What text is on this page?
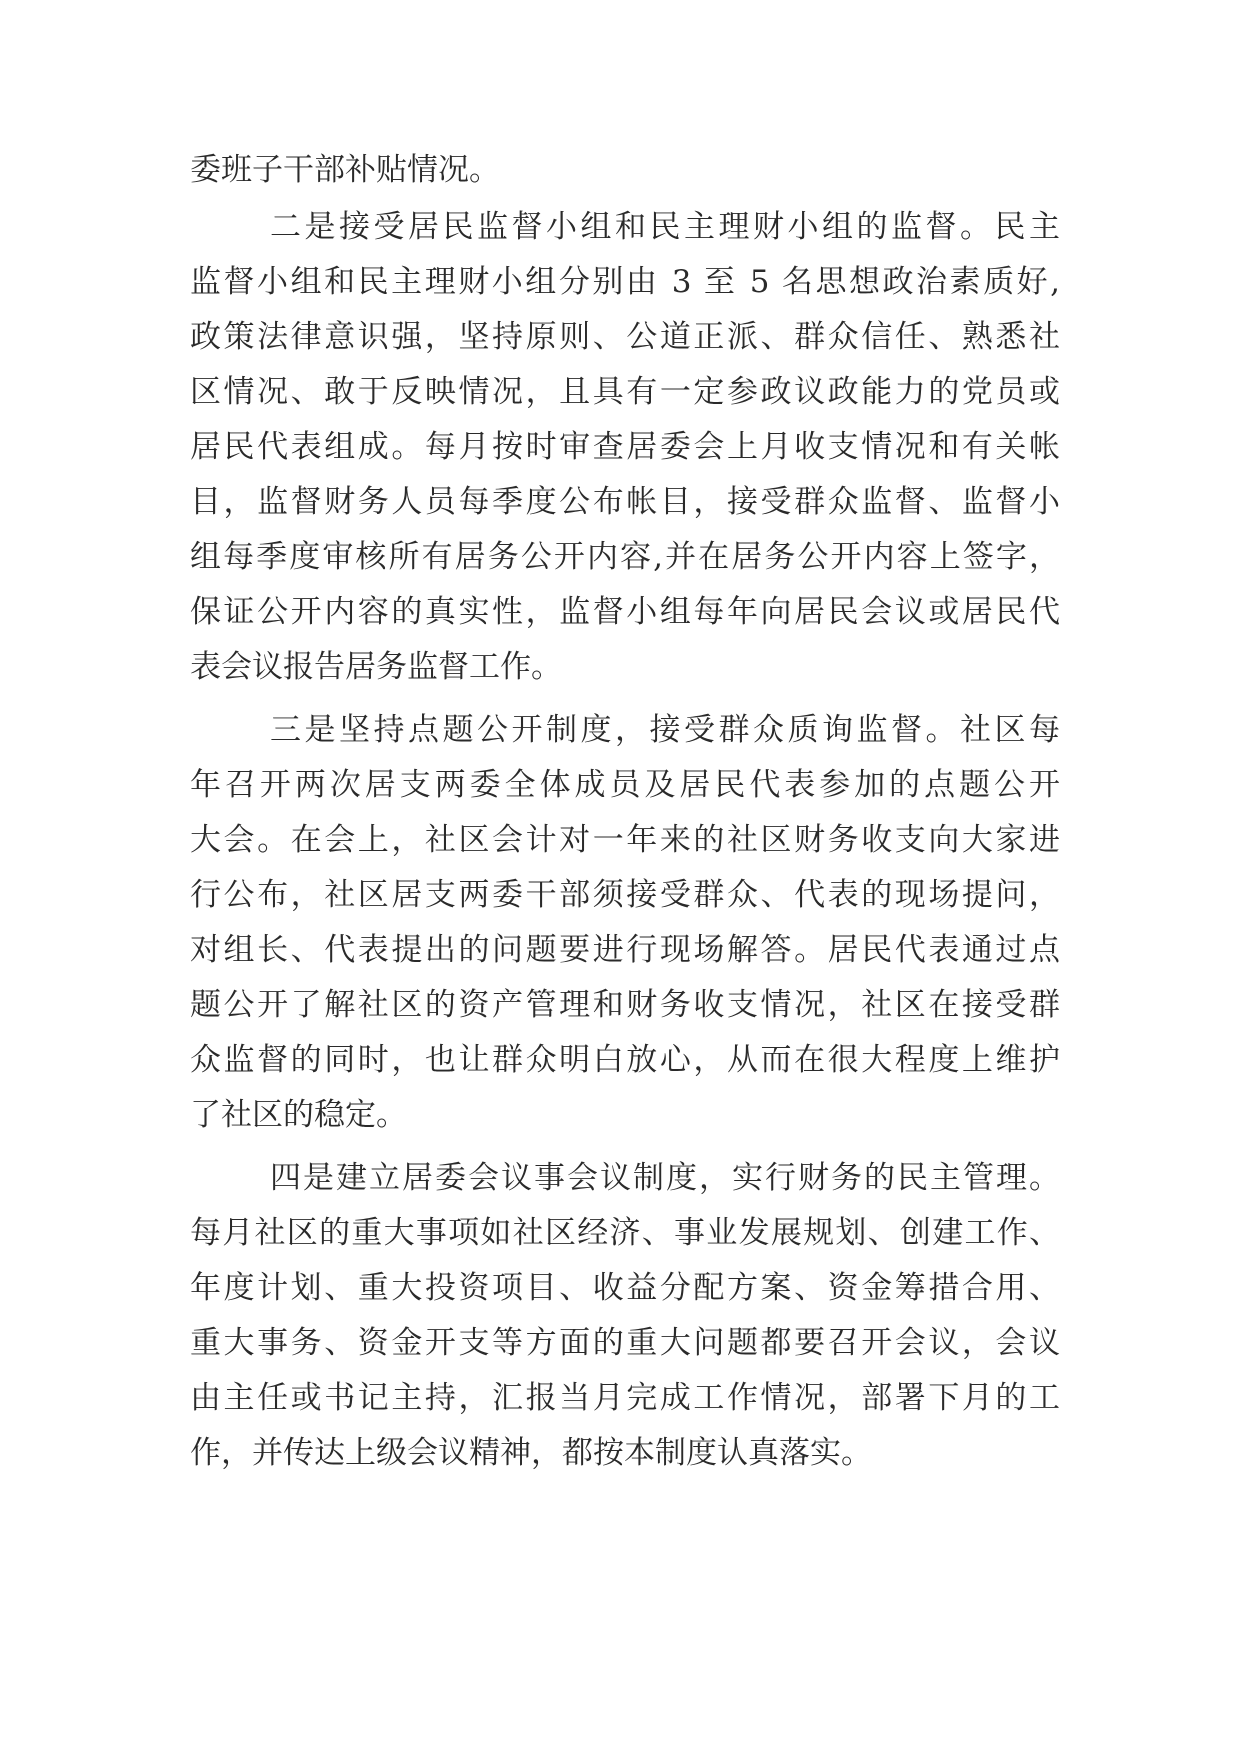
委班子干部补贴情况。

二是接受居民监督小组和民主理财小组的监督。民主

监督小组和民主理财小组分别由 3 至 5 名思想政治素质好,

政策法律意识强，坚持原则、公道正派、群众信任、熟悉社

区情况、敢于反映情况，且具有一定参政议政能力的党员或

居民代表组成。每月按时审查居委会上月收支情况和有关帐

目，监督财务人员每季度公布帐目，接受群众监督、监督小

组每季度审核所有居务公开内容,并在居务公开内容上签字，

保证公开内容的真实性，监督小组每年向居民会议或居民代

表会议报告居务监督工作。

三是坚持点题公开制度，接受群众质询监督。社区每

年召开两次居支两委全体成员及居民代表参加的点题公开

大会。在会上，社区会计对一年来的社区财务收支向大家进

行公布，社区居支两委干部须接受群众、代表的现场提问，

对组长、代表提出的问题要进行现场解答。居民代表通过点

题公开了解社区的资产管理和财务收支情况，社区在接受群

众监督的同时，也让群众明白放心，从而在很大程度上维护

了社区的稳定。

四是建立居委会议事会议制度，实行财务的民主管理。

每月社区的重大事项如社区经济、事业发展规划、创建工作、

年度计划、重大投资项目、收益分配方案、资金筹措合用、

重大事务、资金开支等方面的重大问题都要召开会议，会议

由主任或书记主持，汇报当月完成工作情况，部署下月的工

作，并传达上级会议精神，都按本制度认真落实。
